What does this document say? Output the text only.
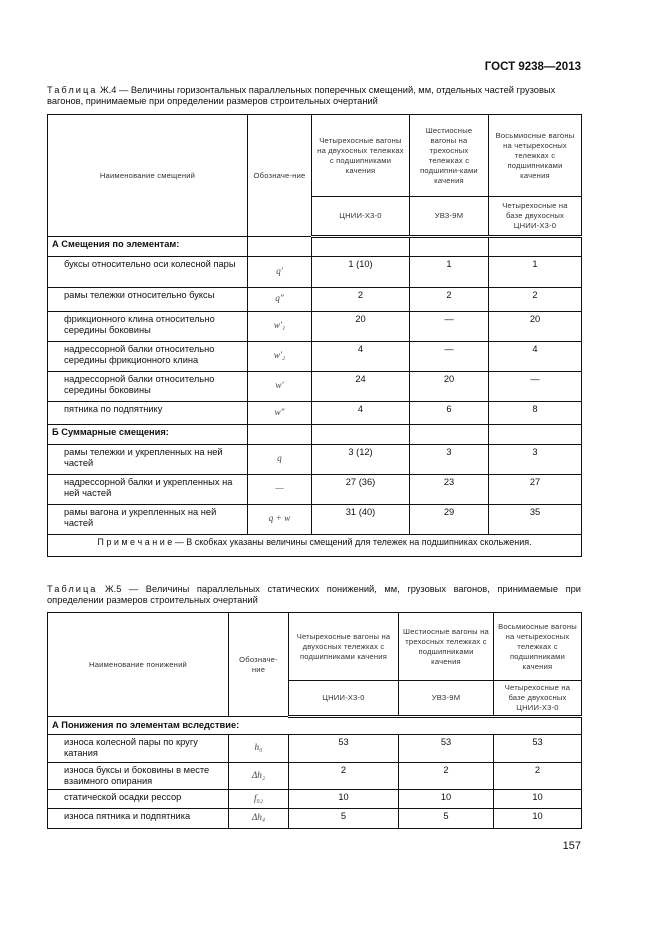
ГОСТ 9238—2013
Таблица Ж.4 — Величины горизонтальных параллельных поперечных смещений, мм, отдельных частей грузовых вагонов, принимаемые при определении размеров строительных очертаний
Наименование смещений	Обозначе-ние	Четырехосные вагоны на двухосных тележках с подшипниками качения	Шестиосные вагоны на трехосных тележках с подшипни-ками качения	Восьмиосные вагоны на четырехосных тележках с подшипниками качения
		ЦНИИ-Х3-0	УВЗ-9М	Четырехосные на базе двухосных ЦНИИ-Х3-0
А Смещения по элементам:				
буксы относительно оси колесной пары	q′	1 (10)	1	1
рамы тележки относительно буксы	q″	2	2	2
фрикционного клина относительно середины боковины	w′₁	20	—	20
надрессорной балки относительно середины фрикционного клина	w′₂	4	—	4
надрессорной балки относительно середины боковины	w′	24	20	—
пятника по подпятнику	w″	4	6	8
Б Суммарные смещения:				
рамы тележки и укрепленных на ней частей	q	3 (12)	3	3
надрессорной балки и укрепленных на ней частей	—	27 (36)	23	27
рамы вагона и укрепленных на ней частей	q + w	31 (40)	29	35
П р и м е ч а н и е — В скобках указаны величины смещений для тележек на подшипниках скольжения.				
Таблица Ж.5 — Величины параллельных статических понижений, мм, грузовых вагонов, принимаемые при определении размеров строительных очертаний
Наименование понижений	Обозначе-ние	Четырехосные вагоны на двухосных тележках с подшипниками качения	Шестиосные вагоны на трехосных тележках с подшипниками качения	Восьмиосные вагоны на четырехосных тележках с подшипниками качения
		ЦНИИ-Х3-0	УВЗ-9М	Четырехосные на базе двухосных ЦНИИ-Х3-0
А Понижения по элементам вследствие:				
износа колесной пары по кругу катания	h₀	53	53	53
износа буксы и боковины в месте взаимного опирания	Δh₂	2	2	2
статической осадки рессор	f₀₂	10	10	10
износа пятника и подпятника	Δh₄	5	5	10
157
